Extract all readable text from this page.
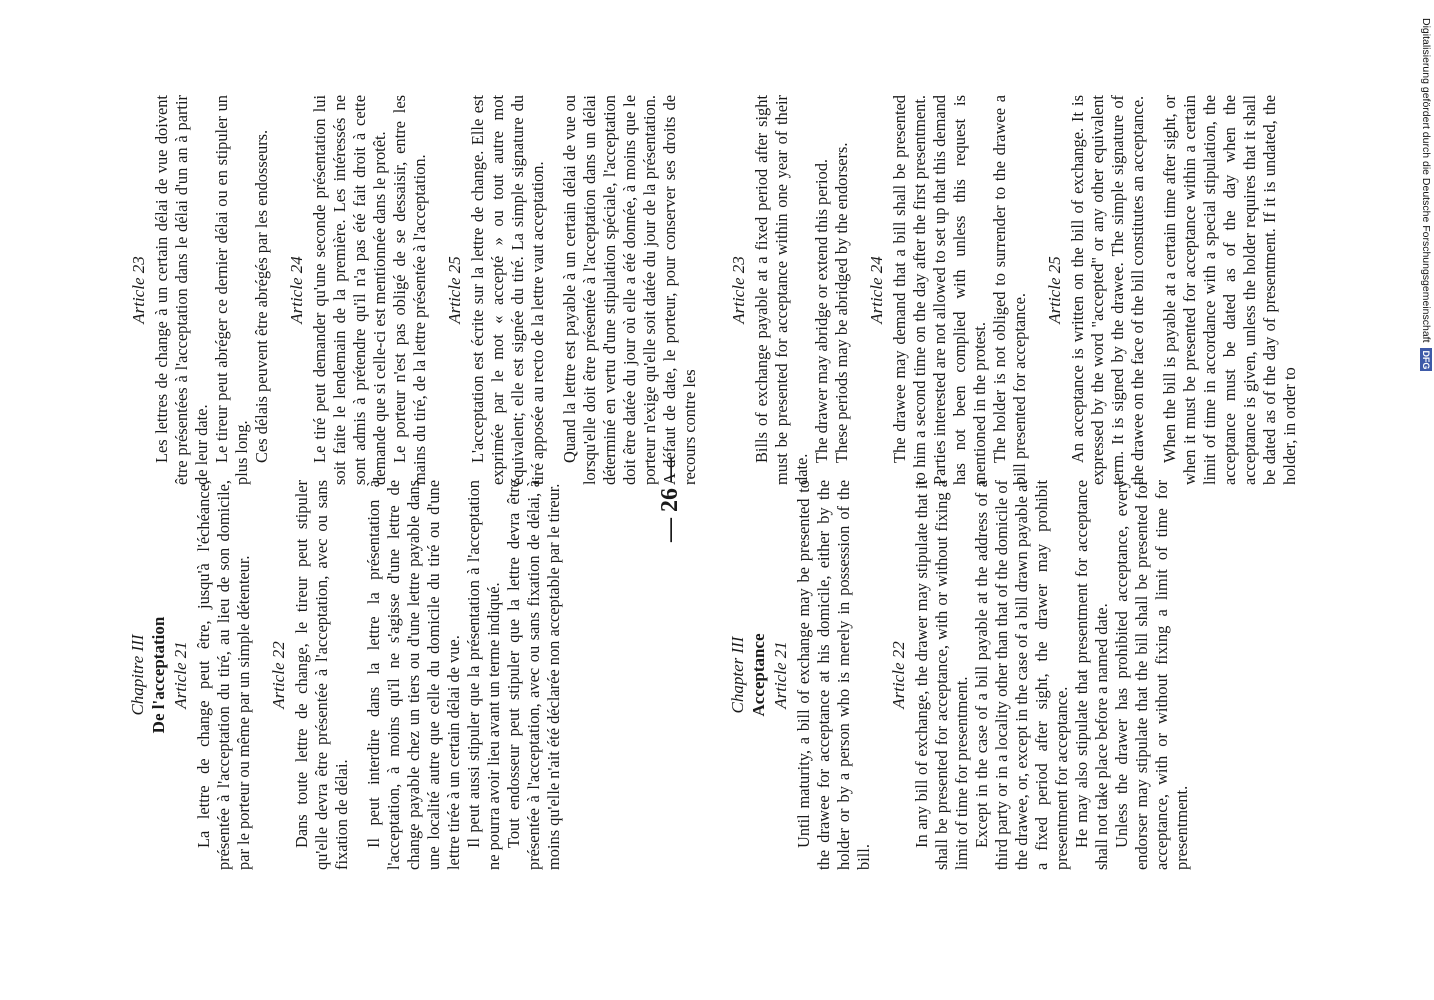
Chapitre III De l'acceptation Article 21 La lettre de change peut être, jusqu'à l'échéance, présentée à l'acceptation du tiré, au lieu de son domicile, par le porteur ou même par un simple détenteur. Article 22 Dans toute lettre de change, le tireur peut stipuler qu'elle devra être présentée à l'acceptation, avec ou sans fixation de délai. Il peut interdire dans la lettre la présentation à l'acceptation, à moins qu'il ne s'agisse d'une lettre de change payable chez un tiers ou d'une lettre payable dans une localité autre que celle du domicile du tiré ou d'une lettre tirée à un certain délai de vue. Il peut aussi stipuler que la présentation à l'acceptation ne pourra avoir lieu avant un terme indiqué. Tout endosseur peut stipuler que la lettre devra être présentée à l'acceptation, avec ou sans fixation de délai, à moins qu'elle n'ait été déclarée non acceptable par le tireur.

Article 23 Les lettres de change à un certain délai de vue doivent être présentées à l'acceptation dans le délai d'un an à partir de leur date. Le tireur peut abréger ce dernier délai ou en stipuler un plus long. Ces délais peuvent être abrégés par les endosseurs. Article 24 Le tiré peut demander qu'une seconde présentation lui soit faite le lendemain de la première. Les intéressés ne sont admis à prétendre qu'il n'a pas été fait droit à cette demande que si celle-ci est mentionnée dans le protêt. Le porteur n'est pas obligé de se dessaisir, entre les mains du tiré, de la lettre présentée à l'acceptation. Article 25 L'acceptation est écrite sur la lettre de change. Elle est exprimée par le mot « accepté » ou tout autre mot équivalent; elle est signée du tiré. La simple signature du tiré apposée au recto de la lettre vaut acceptation. Quand la lettre est payable à un certain délai de vue ou lorsqu'elle doit être présentée à l'acceptation dans un délai déterminé en vertu d'une stipulation spéciale, l'acceptation doit être datée du jour où elle a été donnée, à moins que le porteur n'exige qu'elle soit datée du jour de la présentation. A défaut de date, le porteur, pour conserver ses droits de recours contre les

— 26 —
Chapter III Acceptance Article 21 Until maturity, a bill of exchange may be presented to the drawee for acceptance at his domicile, either by the holder or by a person who is merely in possession of the bill.

Article 22 In any bill of exchange, the drawer may stipulate that it shall be presented for acceptance, with or without fixing a limit of time for presentment. Except in the case of a bill payable at the address of a third party or in a locality other than that of the domicile of the drawee, or, except in the case of a bill drawn payable at a fixed period after sight, the drawer may prohibit presentment for acceptance. He may also stipulate that presentment for acceptance shall not take place before a named date. Unless the drawer has prohibited acceptance, every endorser may stipulate that the bill shall be presented for acceptance, with or without fixing a limit of time for presentment.

Article 23 Bills of exchange payable at a fixed period after sight must be presented for acceptance within one year of their date.

The drawer may abridge or extend this period. These periods may be abridged by the endorsers. Article 24 The drawee may demand that a bill shall be presented to him a second time on the day after the first presentment. Parties interested are not allowed to set up that this demand has not been complied with unless this request is mentioned in the protest. The holder is not obliged to surrender to the drawee a bill presented for acceptance.

Article 25 An acceptance is written on the bill of exchange. It is expressed by the word "accepted" or any other equivalent term. It is signed by the drawee. The simple signature of the drawee on the face of the bill constitutes an acceptance. When the bill is payable at a certain time after sight, or when it must be presented for acceptance within a certain limit of time in accordance with a special stipulation, the acceptance must be dated as of the day when the acceptance is given, unless the holder requires that it shall be dated as of the day of presentment. If it is undated, the holder, in order to

Digitalisierung gefördert durch die Deutsche Forschungsgemeinschaft DFG
